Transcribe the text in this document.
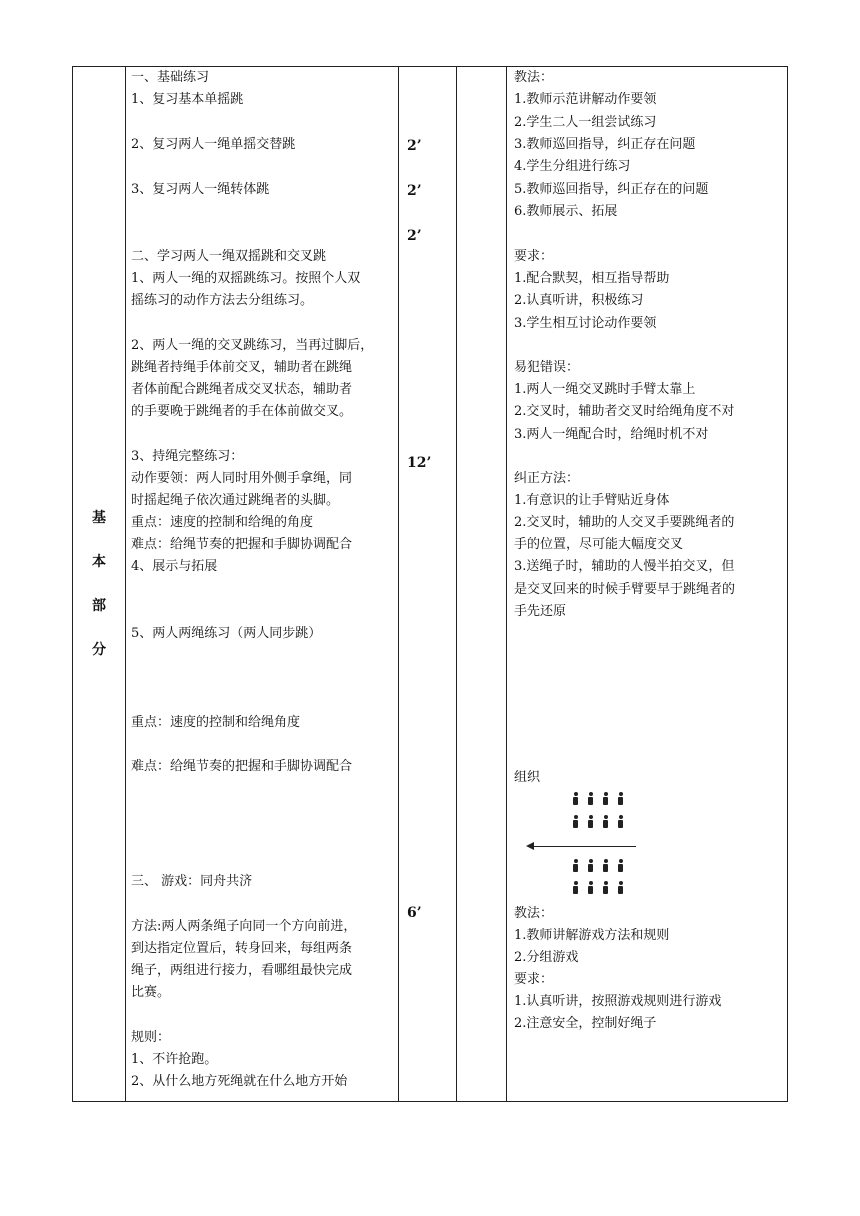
基
本
部
分
一、基础练习
1、复习基本单摇跳
2、复习两人一绳单摇交替跳
3、复习两人一绳转体跳
二、学习两人一绳双摇跳和交叉跳
1、两人一绳的双摇跳练习。按照个人双
摇练习的动作方法去分组练习。
2、两人一绳的交叉跳练习，当再过脚后，
跳绳者持绳手体前交叉，辅助者在跳绳
者体前配合跳绳者成交叉状态，辅助者
的手要晚于跳绳者的手在体前做交叉。
3、持绳完整练习：
动作要领：两人同时用外侧手拿绳，同
时摇起绳子依次通过跳绳者的头脚。
重点：速度的控制和给绳的角度
难点：给绳节奏的把握和手脚协调配合
4、展示与拓展
5、两人两绳练习（两人同步跳）
重点：速度的控制和给绳角度
难点：给绳节奏的把握和手脚协调配合
三、 游戏：同舟共济
方法:两人两条绳子向同一个方向前进，
到达指定位置后，转身回来，每组两条
绳子，两组进行接力，看哪组最快完成
比赛。
规则：
1、不许抢跑。
2、从什么地方死绳就在什么地方开始
2’
2’
2’
12’
6’
教法：
1.教师示范讲解动作要领
2.学生二人一组尝试练习
3.教师巡回指导，纠正存在问题
4.学生分组进行练习
5.教师巡回指导，纠正存在的问题
6.教师展示、拓展
要求：
1.配合默契，相互指导帮助
2.认真听讲，积极练习
3.学生相互讨论动作要领
易犯错误：
1.两人一绳交叉跳时手臂太靠上
2.交叉时，辅助者交叉时给绳角度不对
3.两人一绳配合时，给绳时机不对
纠正方法：
1.有意识的让手臂贴近身体
2.交叉时，辅助的人交叉手要跳绳者的
手的位置，尽可能大幅度交叉
3.送绳子时，辅助的人慢半拍交叉，但
是交叉回来的时候手臂要早于跳绳者的
手先还原
组织
教法：
1.教师讲解游戏方法和规则
2.分组游戏
要求：
1.认真听讲，按照游戏规则进行游戏
2.注意安全，控制好绳子
